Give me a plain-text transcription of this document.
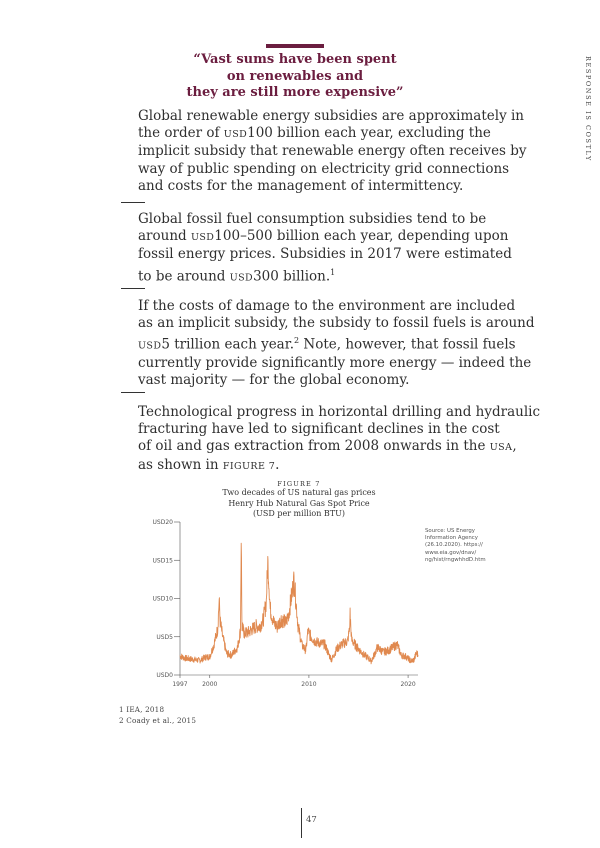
“Vast sums have been spent
on renewables and
they are still more expensive”	RESPONSE IS COSTLY

Global renewable energy subsidies are approximately in

the order of USD100 billion each year, excluding the

implicit subsidy that renewable energy often receives by

way of public spending on electricity grid connections

and costs for the management of intermittency.

Global fossil fuel consumption subsidies tend to be

around USD100–500 billion each year, depending upon

fossil energy prices. Subsidies in 2017 were estimated

to be around USD300 billion.$^1$

If the costs of damage to the environment are included

as an implicit subsidy, the subsidy to fossil fuels is around

USD5 trillion each year.$^2$ Note, however, that fossil fuels

currently provide significantly more energy — indeed the

vast majority — for the global economy.

Technological progress in horizontal drilling and hydraulic

fracturing have led to significant declines in the cost

of oil and gas extraction from 2008 onwards in the USA,

as shown in FIGURE 7.

FIGURE 7
Two decades of US natural gas prices
Henry Hub Natural Gas Spot Price
(USD per million BTU)
USD0
USD5
USD10
USD15
USD20
1997 2000	2010	2020
Source: US Energy
Information Agency
(26.10.2020). https://
www.eia.gov/dnav/
ng/hist/rngwhhdD.htm
1 IEA, 2018
2 Coady et al., 2015
47
